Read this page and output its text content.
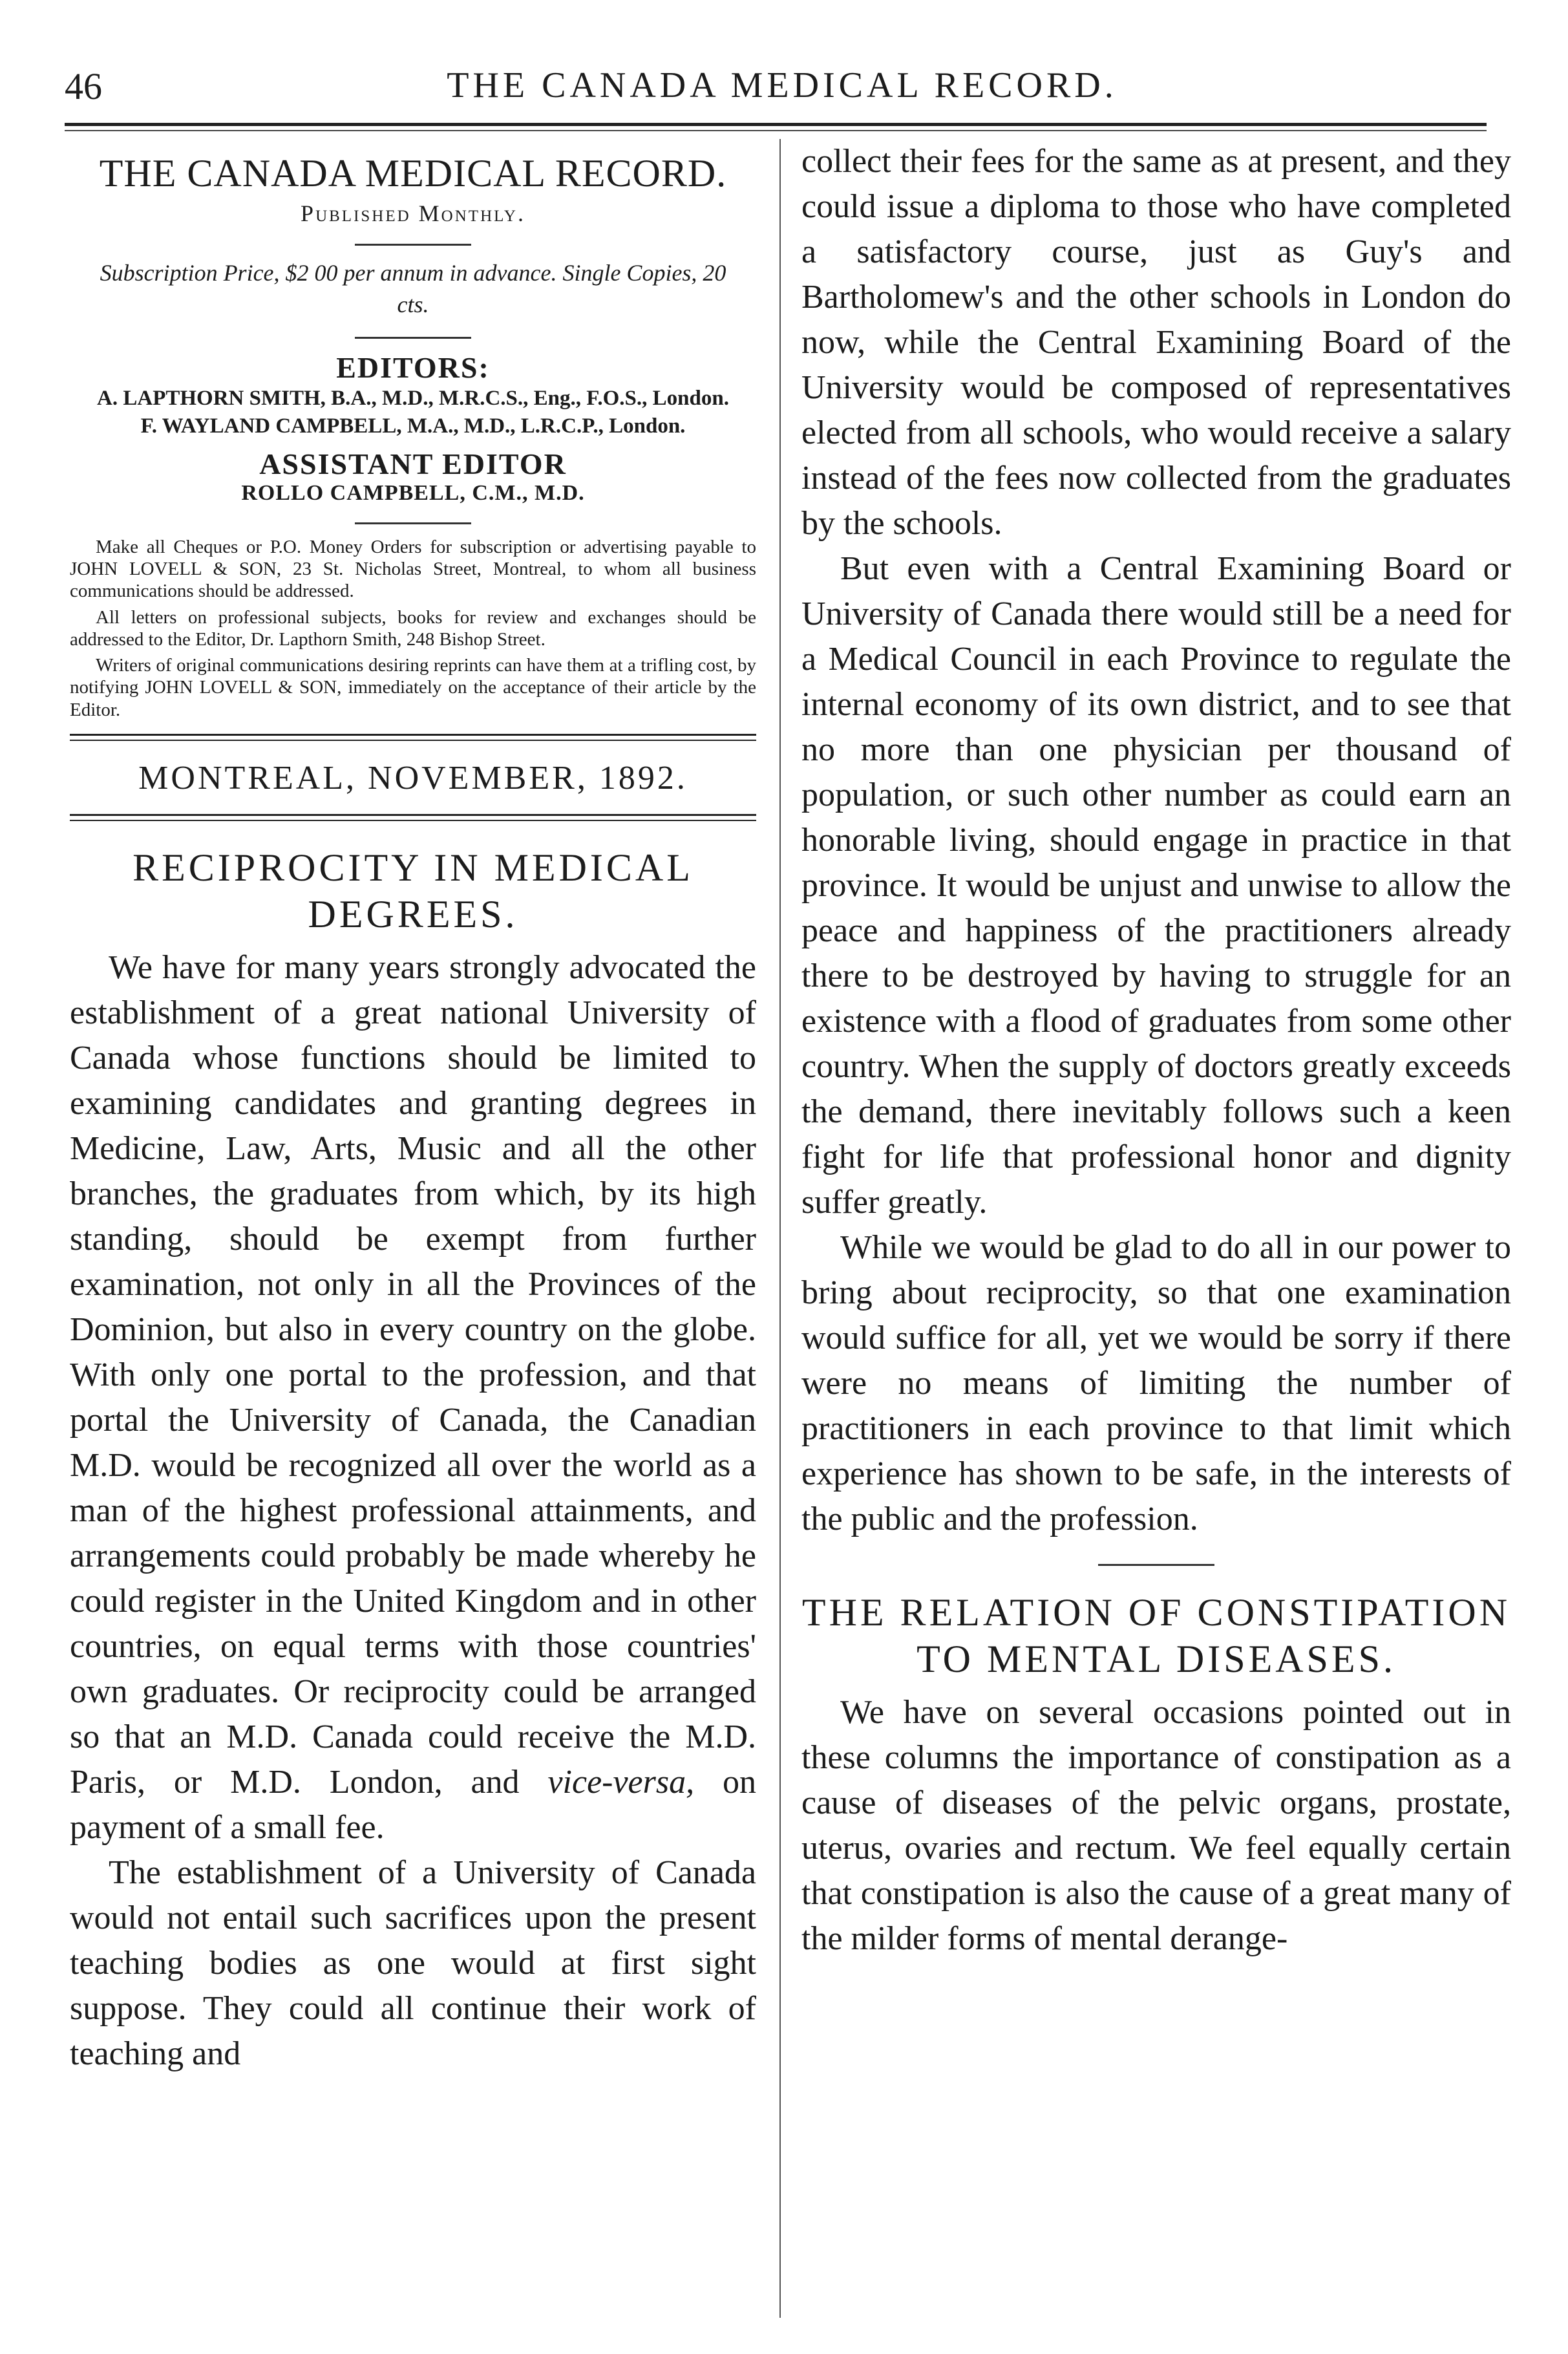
46	THE CANADA MEDICAL RECORD.
THE CANADA MEDICAL RECORD.
Published Monthly.
Subscription Price, $2 00 per annum in advance. Single Copies, 20 cts.
EDITORS:
A. LAPTHORN SMITH, B.A., M.D., M.R.C.S., Eng., F.O.S., London.
F. WAYLAND CAMPBELL, M.A., M.D., L.R.C.P., London.
ASSISTANT EDITOR
ROLLO CAMPBELL, C.M., M.D.

Make all Cheques or P.O. Money Orders for subscription or advertising payable to JOHN LOVELL & SON, 23 St. Nicholas Street, Montreal, to whom all business communications should be addressed.

All letters on professional subjects, books for review and exchanges should be addressed to the Editor, Dr. Lapthorn Smith, 248 Bishop Street.

Writers of original communications desiring reprints can have them at a trifling cost, by notifying JOHN LOVELL & SON, immediately on the acceptance of their article by the Editor.

MONTREAL, NOVEMBER, 1892.
RECIPROCITY IN MEDICAL DEGREES.

We have for many years strongly advocated the establishment of a great national University of Canada whose functions should be limited to examining candidates and granting degrees in Medicine, Law, Arts, Music and all the other branches, the graduates from which, by its high standing, should be exempt from further examination, not only in all the Provinces of the Dominion, but also in every country on the globe. With only one portal to the profession, and that portal the University of Canada, the Canadian M.D. would be recognized all over the world as a man of the highest professional attainments, and arrangements could probably be made whereby he could register in the United Kingdom and in other countries, on equal terms with those countries' own graduates. Or reciprocity could be arranged so that an M.D. Canada could receive the M.D. Paris, or M.D. London, and vice-versa, on payment of a small fee.

The establishment of a University of Canada would not entail such sacrifices upon the present teaching bodies as one would at first sight suppose. They could all continue their work of teaching and

collect their fees for the same as at present, and they could issue a diploma to those who have completed a satisfactory course, just as Guy's and Bartholomew's and the other schools in London do now, while the Central Examining Board of the University would be composed of representatives elected from all schools, who would receive a salary instead of the fees now collected from the graduates by the schools.

But even with a Central Examining Board or University of Canada there would still be a need for a Medical Council in each Province to regulate the internal economy of its own district, and to see that no more than one physician per thousand of population, or such other number as could earn an honorable living, should engage in practice in that province. It would be unjust and unwise to allow the peace and happiness of the practitioners already there to be destroyed by having to struggle for an existence with a flood of graduates from some other country. When the supply of doctors greatly exceeds the demand, there inevitably follows such a keen fight for life that professional honor and dignity suffer greatly.

While we would be glad to do all in our power to bring about reciprocity, so that one examination would suffice for all, yet we would be sorry if there were no means of limiting the number of practitioners in each province to that limit which experience has shown to be safe, in the interests of the public and the profession.

THE RELATION OF CONSTIPATION TO MENTAL DISEASES.

We have on several occasions pointed out in these columns the importance of constipation as a cause of diseases of the pelvic organs, prostate, uterus, ovaries and rectum. We feel equally certain that constipation is also the cause of a great many of the milder forms of mental derange-
